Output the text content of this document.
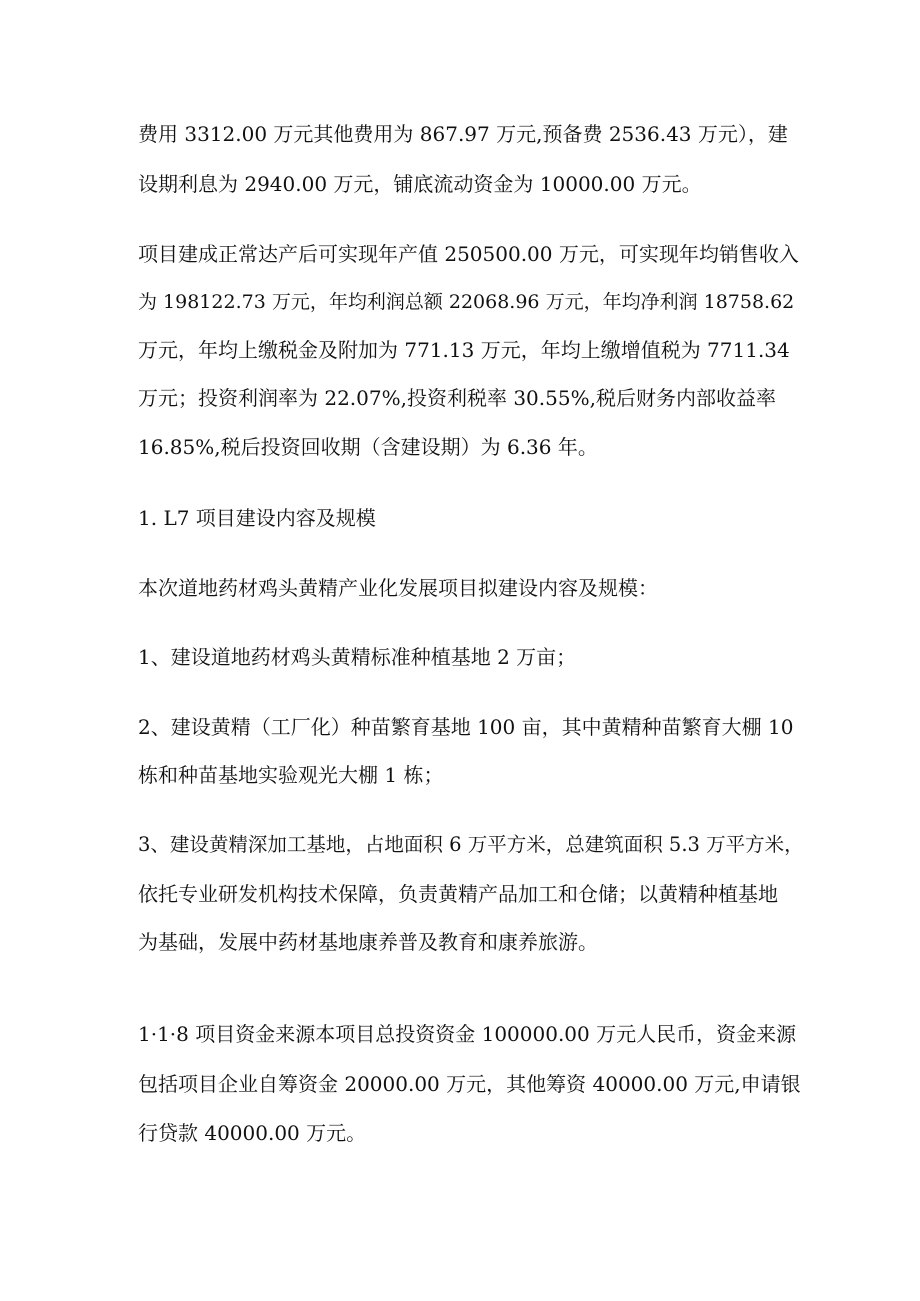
费用 3312.00 万元其他费用为 867.97 万元,预备费 2536.43 万元），建

设期利息为 2940.00 万元，铺底流动资金为 10000.00 万元。

项目建成正常达产后可实现年产值 250500.00 万元，可实现年均销售收入

为 198122.73 万元，年均利润总额 22068.96 万元，年均净利润 18758.62

万元，年均上缴税金及附加为 771.13 万元，年均上缴增值税为 7711.34

万元；投资利润率为 22.07%,投资利税率 30.55%,税后财务内部收益率

16.85%,税后投资回收期（含建设期）为 6.36 年。

1. L7 项目建设内容及规模

本次道地药材鸡头黄精产业化发展项目拟建设内容及规模：

1、建设道地药材鸡头黄精标准种植基地 2 万亩；

2、建设黄精（工厂化）种苗繁育基地 100 亩，其中黄精种苗繁育大棚 10

栋和种苗基地实验观光大棚 1 栋；

3、建设黄精深加工基地，占地面积 6 万平方米，总建筑面积 5.3 万平方米，

依托专业研发机构技术保障，负责黄精产品加工和仓储；以黄精种植基地

为基础，发展中药材基地康养普及教育和康养旅游。

1·1·8 项目资金来源本项目总投资资金 100000.00 万元人民币，资金来源

包括项目企业自筹资金 20000.00 万元，其他筹资 40000.00 万元,申请银

行贷款 40000.00 万元。
